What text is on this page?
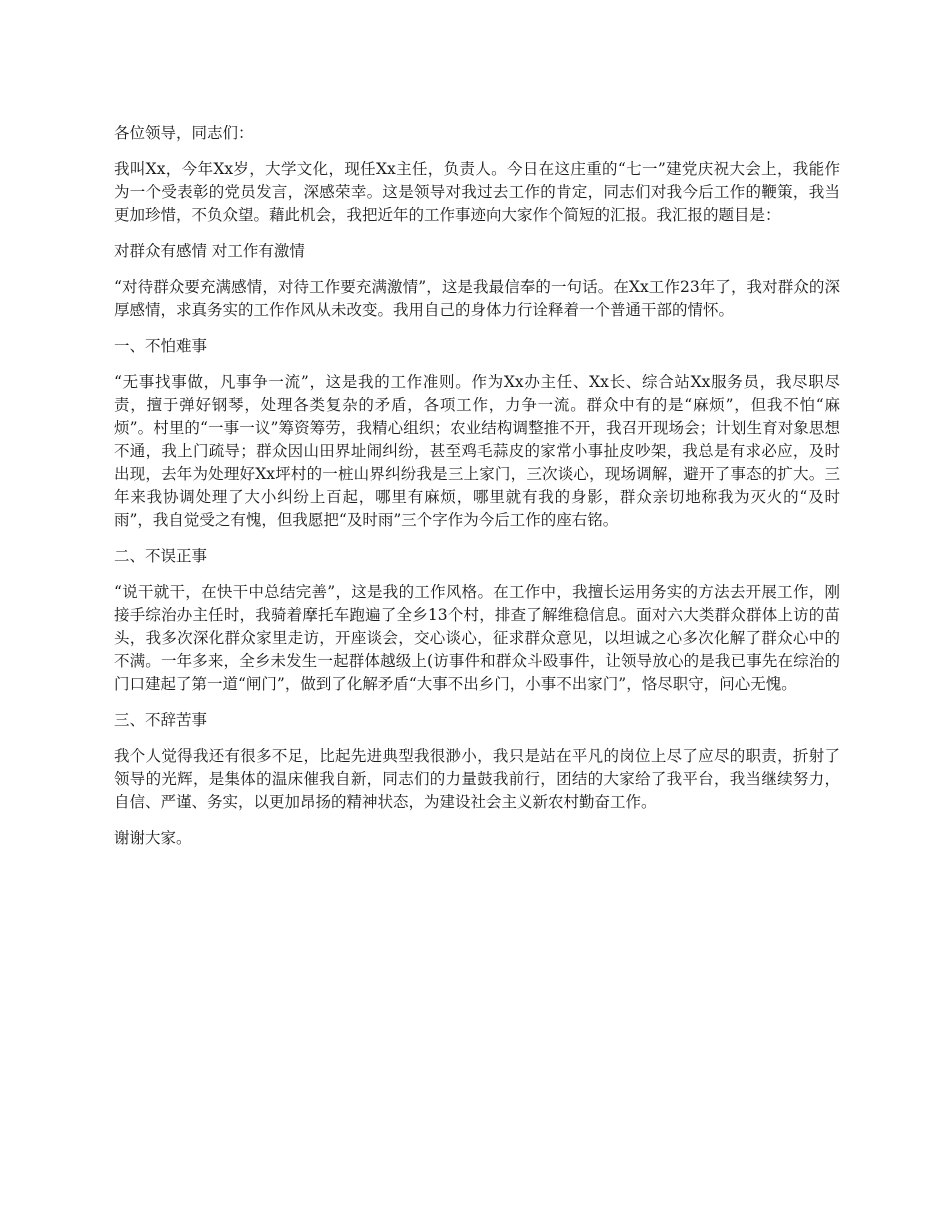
各位领导，同志们：

我叫Xx，今年Xx岁，大学文化，现任Xx主任，负责人。今日在这庄重的“七一”建党庆祝大会上，我能作为一个受表彰的党员发言，深感荣幸。这是领导对我过去工作的肯定，同志们对我今后工作的鞭策，我当更加珍惜，不负众望。藉此机会，我把近年的工作事迹向大家作个简短的汇报。我汇报的题目是：

对群众有感情 对工作有激情

“对待群众要充满感情，对待工作要充满激情”，这是我最信奉的一句话。在Xx工作23年了，我对群众的深厚感情，求真务实的工作作风从未改变。我用自己的身体力行诠释着一个普通干部的情怀。

一、不怕难事

“无事找事做，凡事争一流”，这是我的工作准则。作为Xx办主任、Xx长、综合站Xx服务员，我尽职尽责，擅于弹好钢琴，处理各类复杂的矛盾，各项工作，力争一流。群众中有的是“麻烦”，但我不怕“麻烦”。村里的“一事一议”筹资筹劳，我精心组织；农业结构调整推不开，我召开现场会；计划生育对象思想不通，我上门疏导；群众因山田界址闹纠纷，甚至鸡毛蒜皮的家常小事扯皮吵架，我总是有求必应，及时出现，去年为处理好Xx坪村的一桩山界纠纷我是三上家门，三次谈心，现场调解，避开了事态的扩大。三年来我协调处理了大小纠纷上百起，哪里有麻烦，哪里就有我的身影，群众亲切地称我为灭火的“及时雨”，我自觉受之有愧，但我愿把“及时雨”三个字作为今后工作的座右铭。

二、不误正事

“说干就干，在快干中总结完善”，这是我的工作风格。在工作中，我擅长运用务实的方法去开展工作，刚接手综治办主任时，我骑着摩托车跑遍了全乡13个村，排查了解维稳信息。面对六大类群众群体上访的苗头，我多次深化群众家里走访，开座谈会，交心谈心，征求群众意见，以坦诚之心多次化解了群众心中的不满。一年多来，全乡未发生一起群体越级上(访事件和群众斗殴事件，让领导放心的是我已事先在综治的门口建起了第一道“闸门”，做到了化解矛盾“大事不出乡门，小事不出家门”，恪尽职守，问心无愧。

三、不辞苦事

我个人觉得我还有很多不足，比起先进典型我很渺小，我只是站在平凡的岗位上尽了应尽的职责，折射了领导的光辉，是集体的温床催我自新，同志们的力量鼓我前行，团结的大家给了我平台，我当继续努力，自信、严谨、务实，以更加昂扬的精神状态，为建设社会主义新农村勤奋工作。

谢谢大家。
